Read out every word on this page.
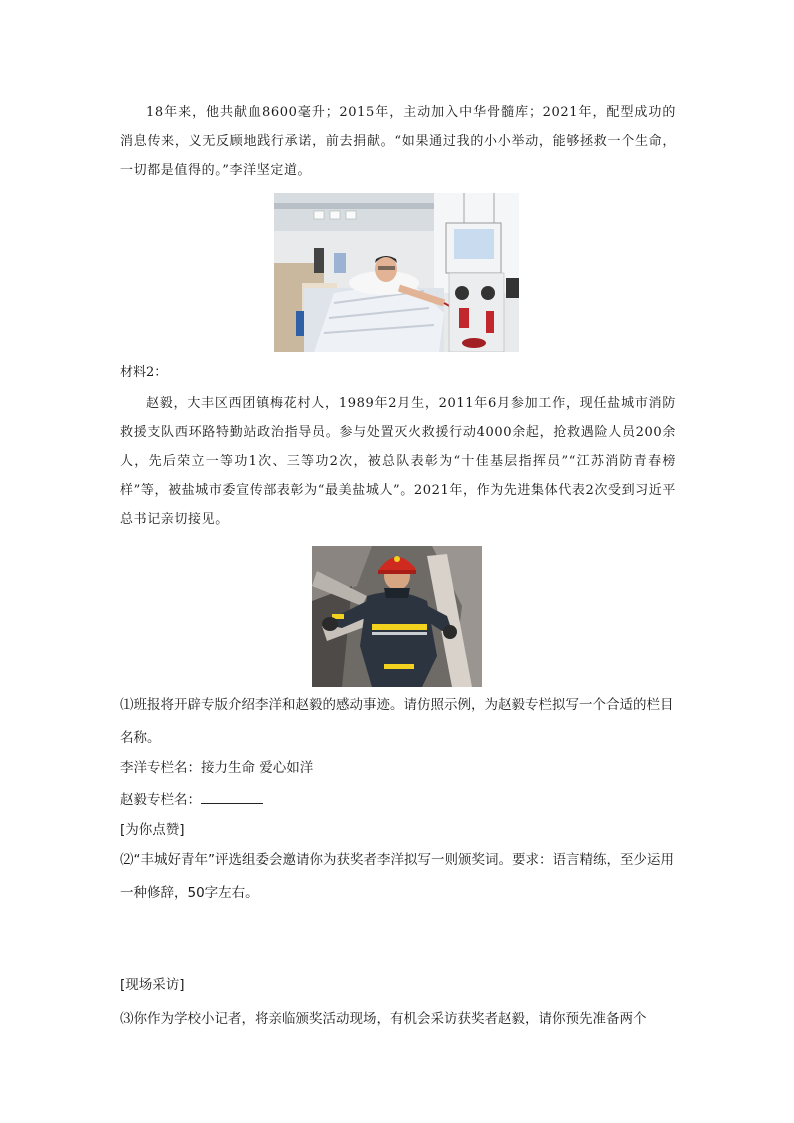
18年来，他共献血8600毫升；2015年，主动加入中华骨髓库；2021年，配型成功的消息传来，义无反顾地践行承诺，前去捐献。“如果通过我的小小举动，能够拯救一个生命，一切都是值得的。”李洋坚定道。

材料2：

赵毅，大丰区西团镇梅花村人，1989年2月生，2011年6月参加工作，现任盐城市消防救援支队西环路特勤站政治指导员。参与处置灭火救援行动4000余起，抢救遇险人员200余人，先后荣立一等功1次、三等功2次，被总队表彰为“十佳基层指挥员”“江苏消防青春榜样”等，被盐城市委宣传部表彰为“最美盐城人”。2021年，作为先进集体代表2次受到习近平总书记亲切接见。

⑴班报将开辟专版介绍李洋和赵毅的感动事迹。请仿照示例，为赵毅专栏拟写一个合适的栏目名称。

李洋专栏名：接力生命 爱心如洋

赵毅专栏名：

[为你点赞]

⑵“丰城好青年”评选组委会邀请你为获奖者李洋拟写一则颁奖词。要求：语言精练，至少运用一种修辞，50字左右。

[现场采访]

⑶你作为学校小记者，将亲临颁奖活动现场，有机会采访获奖者赵毅，请你预先准备两个
